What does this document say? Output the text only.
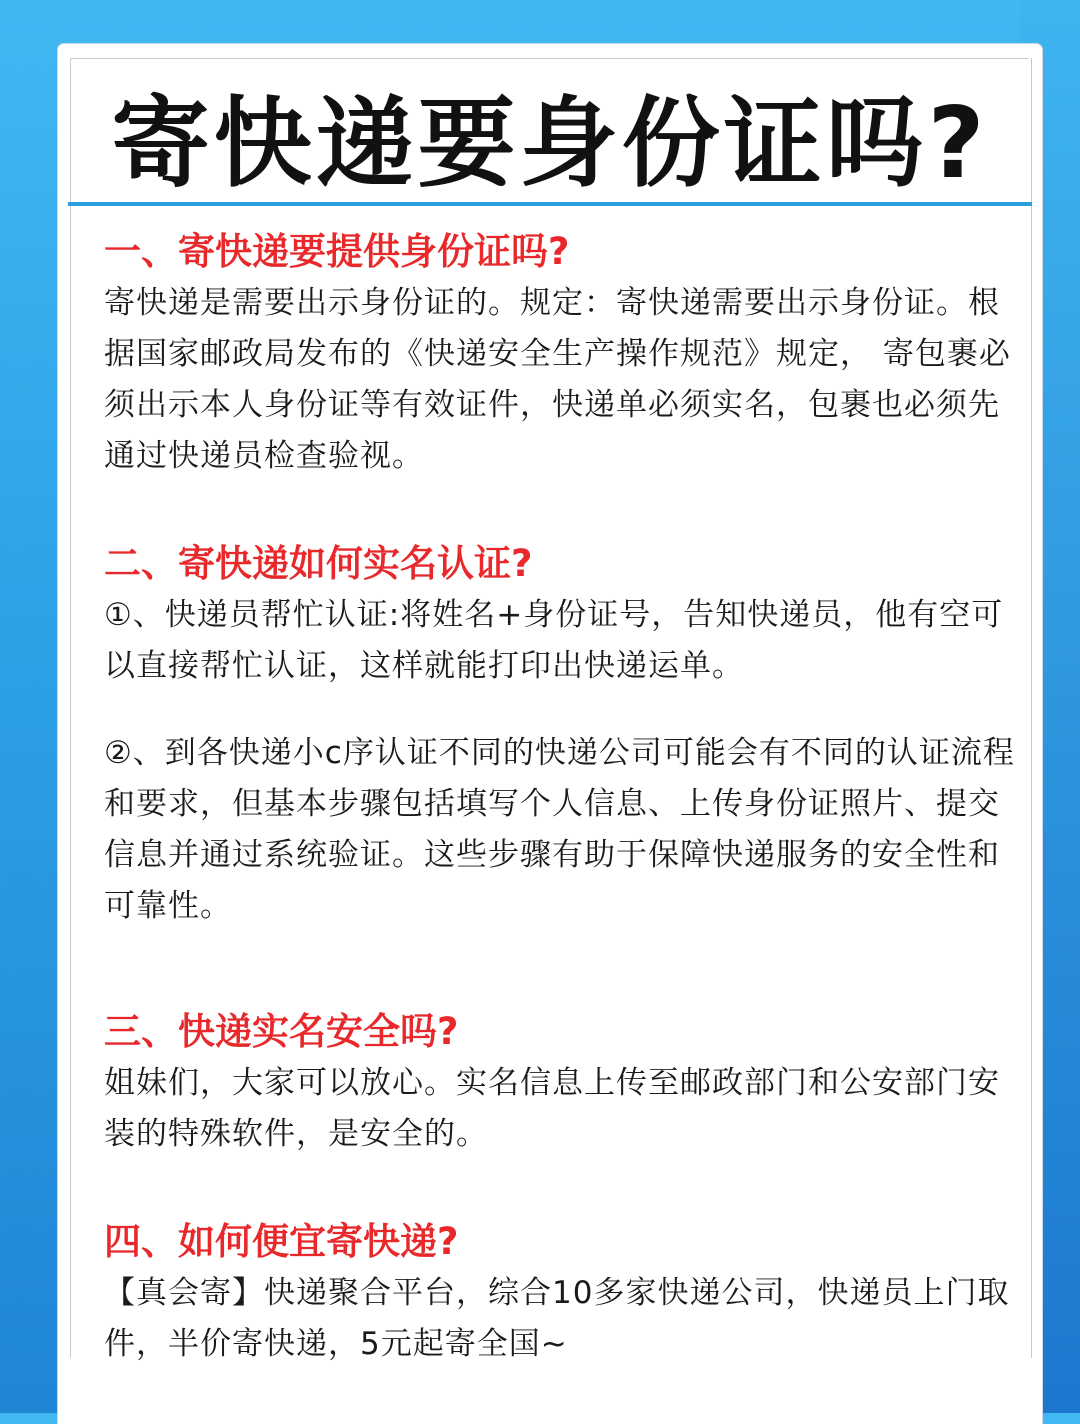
寄快递要身份证吗?
一、寄快递要提供身份证吗?

寄快递是需要出示身份证的。规定：寄快递需要出示身份证。根据国家邮政局发布的《快递安全生产操作规范》规定， 寄包裹必须出示本人身份证等有效证件，快递单必须实名，包裹也必须先通过快递员检查验视。

二、寄快递如何实名认证?

①、快递员帮忙认证:将姓名+身份证号，告知快递员，他有空可以直接帮忙认证，这样就能打印出快递运单。

②、到各快递小c序认证不同的快递公司可能会有不同的认证流程和要求，但基本步骤包括填写个人信息、上传身份证照片、提交信息并通过系统验证。这些步骤有助于保障快递服务的安全性和可靠性。

三、快递实名安全吗?

姐妹们，大家可以放心。实名信息上传至邮政部门和公安部门安装的特殊软件，是安全的。

四、如何便宜寄快递?

【真会寄】快递聚合平台，综合10多家快递公司，快递员上门取件，半价寄快递，5元起寄全国~
